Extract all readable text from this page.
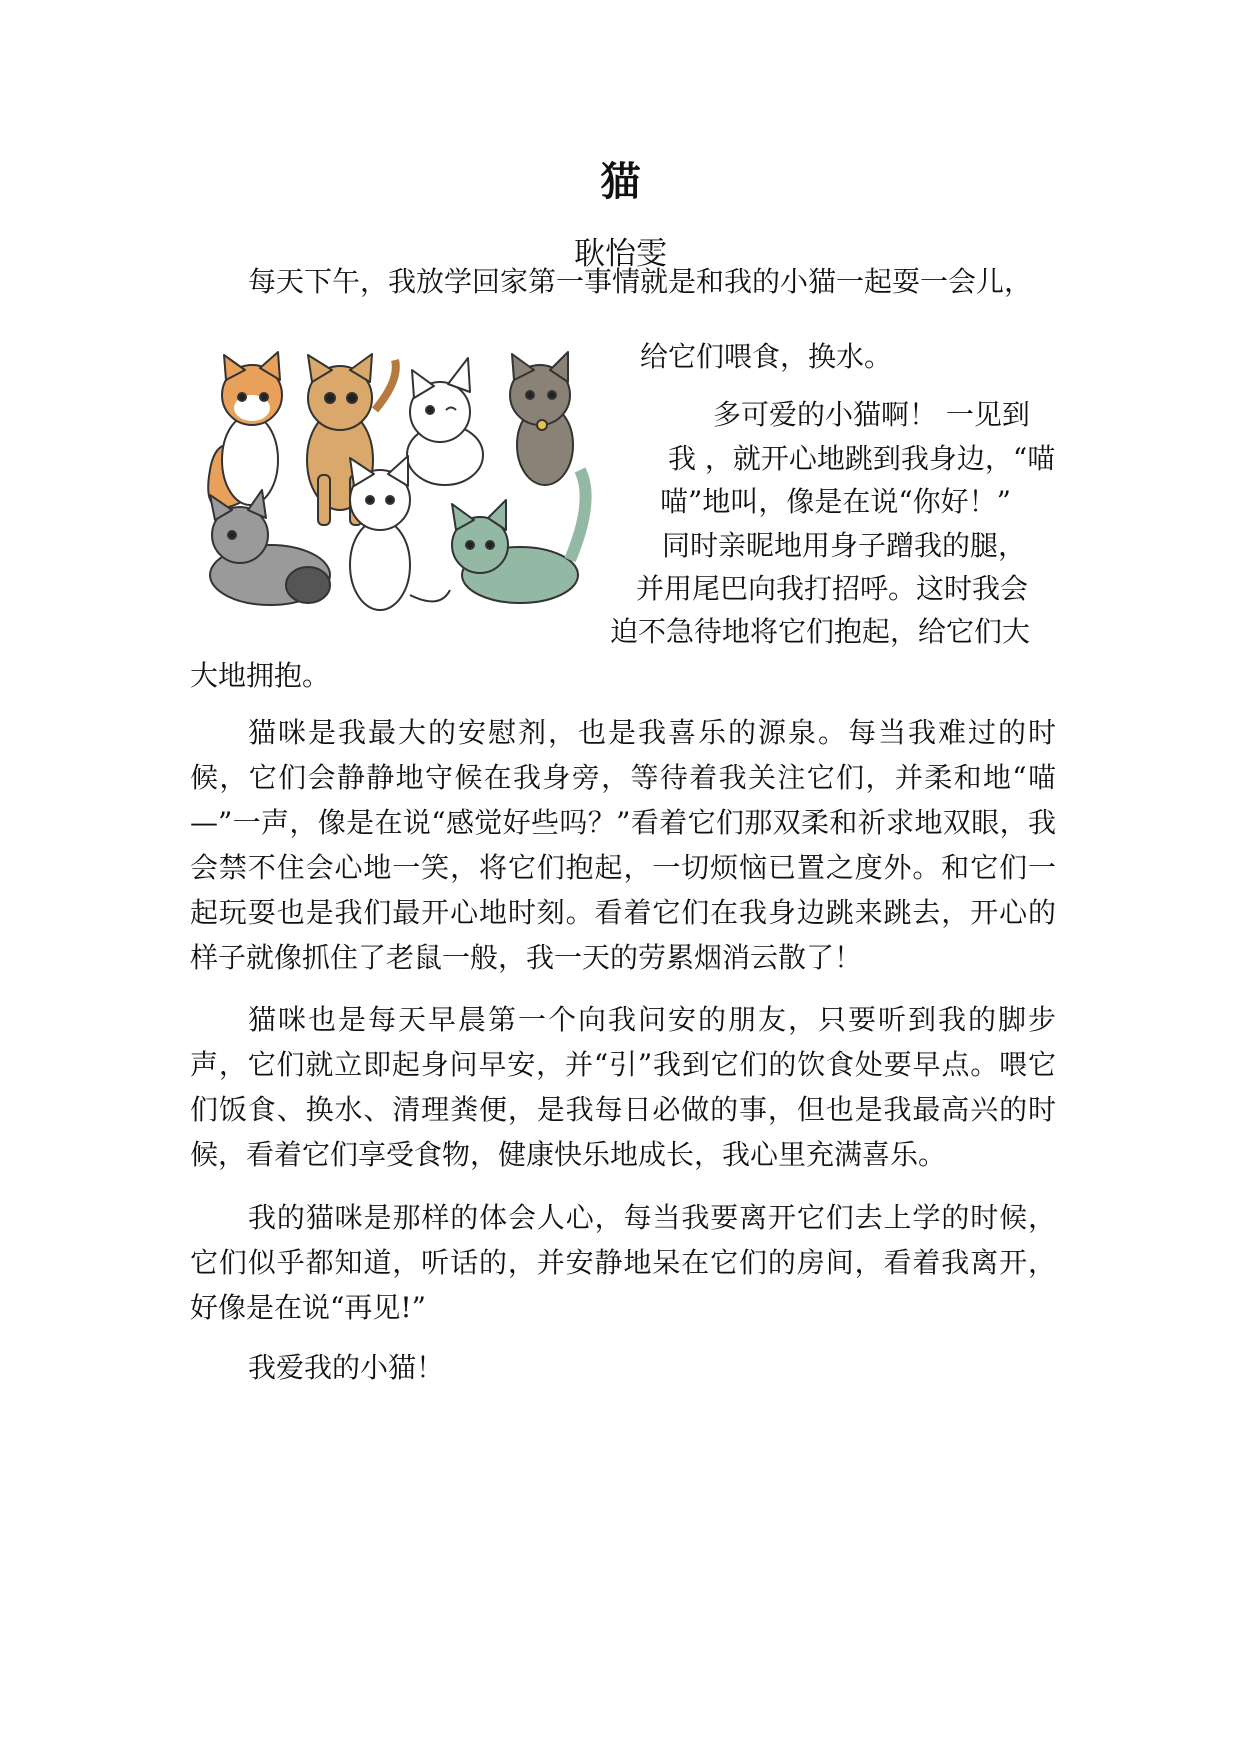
猫
耿怡雯
每天下午，我放学回家第一事情就是和我的小猫一起耍一会儿，
给它们喂食，换水。
多可爱的小猫啊！ 一见到
我 ，就开心地跳到我身边，“喵
喵”地叫，像是在说“你好！”
同时亲昵地用身子蹭我的腿，
并用尾巴向我打招呼。这时我会
迫不急待地将它们抱起，给它们大
大地拥抱。
猫咪是我最大的安慰剂，也是我喜乐的源泉。每当我难过的时候，它们会静静地守候在我身旁，等待着我关注它们，并柔和地“喵—”一声，像是在说“感觉好些吗？”看着它们那双柔和祈求地双眼，我会禁不住会心地一笑，将它们抱起，一切烦恼已置之度外。和它们一起玩耍也是我们最开心地时刻。看着它们在我身边跳来跳去，开心的样子就像抓住了老鼠一般，我一天的劳累烟消云散了！
猫咪也是每天早晨第一个向我问安的朋友，只要听到我的脚步声，它们就立即起身问早安，并“引”我到它们的饮食处要早点。喂它们饭食、换水、清理粪便，是我每日必做的事，但也是我最高兴的时候，看着它们享受食物，健康快乐地成长，我心里充满喜乐。
我的猫咪是那样的体会人心，每当我要离开它们去上学的时候，它们似乎都知道，听话的，并安静地呆在它们的房间，看着我离开，好像是在说“再见!”
我爱我的小猫！
